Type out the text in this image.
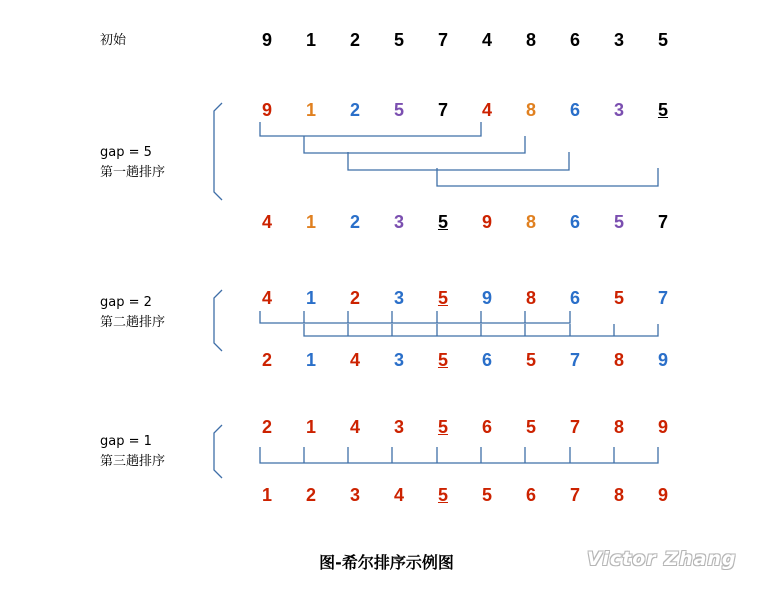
初始
gap = 5
第一趟排序
gap = 2
第二趟排序
gap = 1
第三趟排序
9	1	2	5	7	4	8	6	3	5
9	1	2	5	7	4	8	6	3	5
4	1	2	3	5	9	8	6	5	7
4	1	2	3	5	9	8	6	5	7
2	1	4	3	5	6	5	7	8	9
2	1	4	3	5	6	5	7	8	9
1	2	3	4	5	5	6	7	8	9
图-希尔排序示例图	Victor Zhang
